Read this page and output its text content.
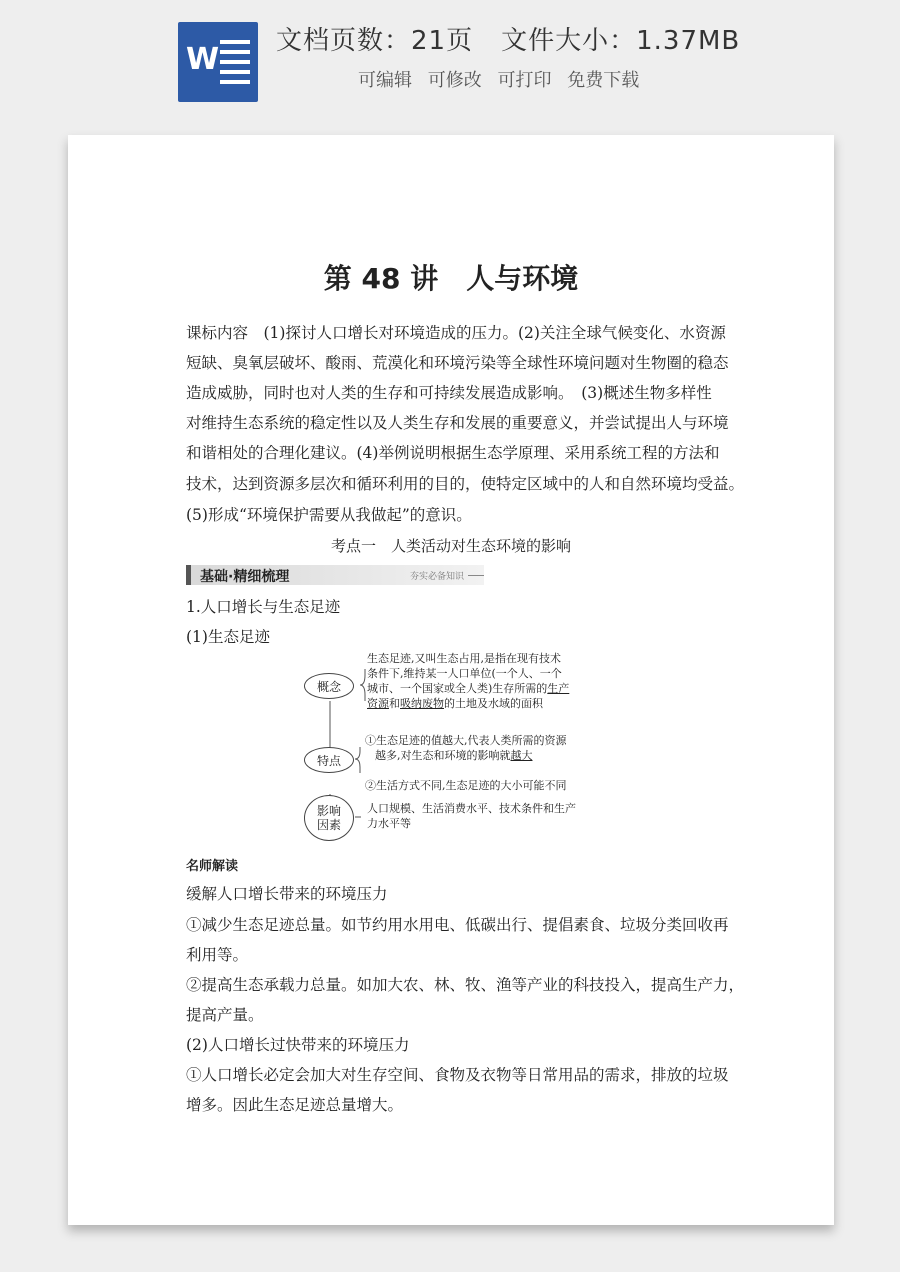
W
文档页数：21页 文件大小：1.37MB
可编辑 可修改 可打印 免费下载
第 48 讲　人与环境
课标内容　(1)探讨人口增长对环境造成的压力。(2)关注全球气候变化、水资源
短缺、臭氧层破坏、酸雨、荒漠化和环境污染等全球性环境问题对生物圈的稳态
造成威胁，同时也对人类的生存和可持续发展造成影响。　(3)概述生物多样性
对维持生态系统的稳定性以及人类生存和发展的重要意义，并尝试提出人与环境
和谐相处的合理化建议。(4)举例说明根据生态学原理、采用系统工程的方法和
技术，达到资源多层次和循环利用的目的，使特定区域中的人和自然环境均受益。
(5)形成“环境保护需要从我做起”的意识。
考点一　人类活动对生态环境的影响
基础·精细梳理	夯实必备知识
1.人口增长与生态足迹
(1)生态足迹
概念
特点
影响
因素
生态足迹,又叫生态占用,是指在现有技术
条件下,维持某一人口单位(一个人、一个
城市、一个国家或全人类)生存所需的生产
资源和吸纳废物的土地及水域的面积
①生态足迹的值越大,代表人类所需的资源
越多,对生态和环境的影响就越大
②生活方式不同,生态足迹的大小可能不同
人口规模、生活消费水平、技术条件和生产
力水平等
名师解读
缓解人口增长带来的环境压力
①减少生态足迹总量。如节约用水用电、低碳出行、提倡素食、垃圾分类回收再
利用等。
②提高生态承载力总量。如加大农、林、牧、渔等产业的科技投入，提高生产力，
提高产量。
(2)人口增长过快带来的环境压力
①人口增长必定会加大对生存空间、食物及衣物等日常用品的需求，排放的垃圾
增多。因此生态足迹总量增大。
